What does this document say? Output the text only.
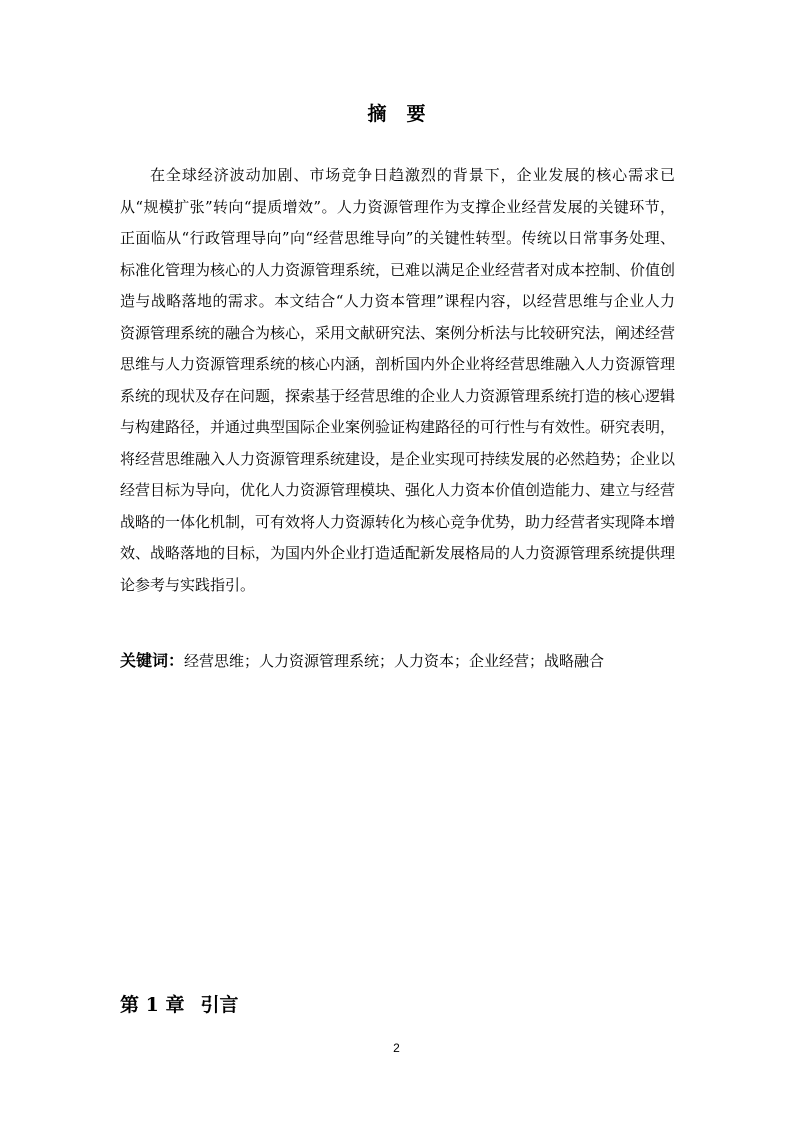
摘要

在全球经济波动加剧、市场竞争日趋激烈的背景下，企业发展的核心需求已从“规模扩张”转向“提质增效”。人力资源管理作为支撑企业经营发展的关键环节，正面临从“行政管理导向”向“经营思维导向”的关键性转型。传统以日常事务处理、标准化管理为核心的人力资源管理系统，已难以满足企业经营者对成本控制、价值创造与战略落地的需求。本文结合“人力资本管理”课程内容，以经营思维与企业人力资源管理系统的融合为核心，采用文献研究法、案例分析法与比较研究法，阐述经营思维与人力资源管理系统的核心内涵，剖析国内外企业将经营思维融入人力资源管理系统的现状及存在问题，探索基于经营思维的企业人力资源管理系统打造的核心逻辑与构建路径，并通过典型国际企业案例验证构建路径的可行性与有效性。研究表明，将经营思维融入人力资源管理系统建设，是企业实现可持续发展的必然趋势；企业以经营目标为导向，优化人力资源管理模块、强化人力资本价值创造能力、建立与经营战略的一体化机制，可有效将人力资源转化为核心竞争优势，助力经营者实现降本增效、战略落地的目标，为国内外企业打造适配新发展格局的人力资源管理系统提供理论参考与实践指引。

关键词：经营思维；人力资源管理系统；人力资本；企业经营；战略融合
第 1 章 引言
2
